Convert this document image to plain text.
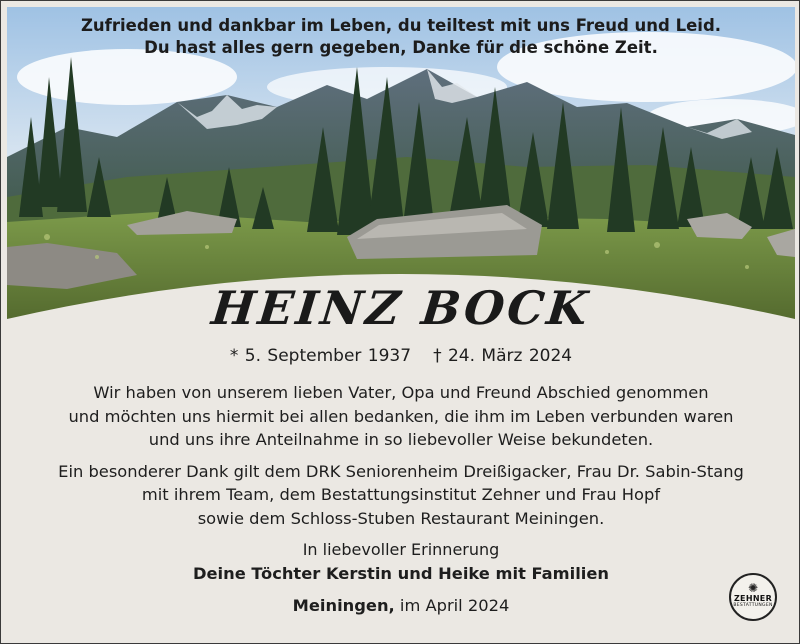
Zufrieden und dankbar im Leben, du teiltest mit uns Freud und Leid.
Du hast alles gern gegeben, Danke für die schöne Zeit.
HEINZ BOCK
* 5. September 1937 † 24. März 2024
Wir haben von unserem lieben Vater, Opa und Freund Abschied genommen
und möchten uns hiermit bei allen bedanken, die ihm im Leben verbunden waren
und uns ihre Anteilnahme in so liebevoller Weise bekundeten.
Ein besonderer Dank gilt dem DRK Seniorenheim Dreißigacker, Frau Dr. Sabin-Stang
mit ihrem Team, dem Bestattungsinstitut Zehner und Frau Hopf
sowie dem Schloss-Stuben Restaurant Meiningen.
In liebevoller Erinnerung
Deine Töchter Kerstin und Heike mit Familien
Meiningen, im April 2024
✺
ZEHNER
BESTATTUNGEN
